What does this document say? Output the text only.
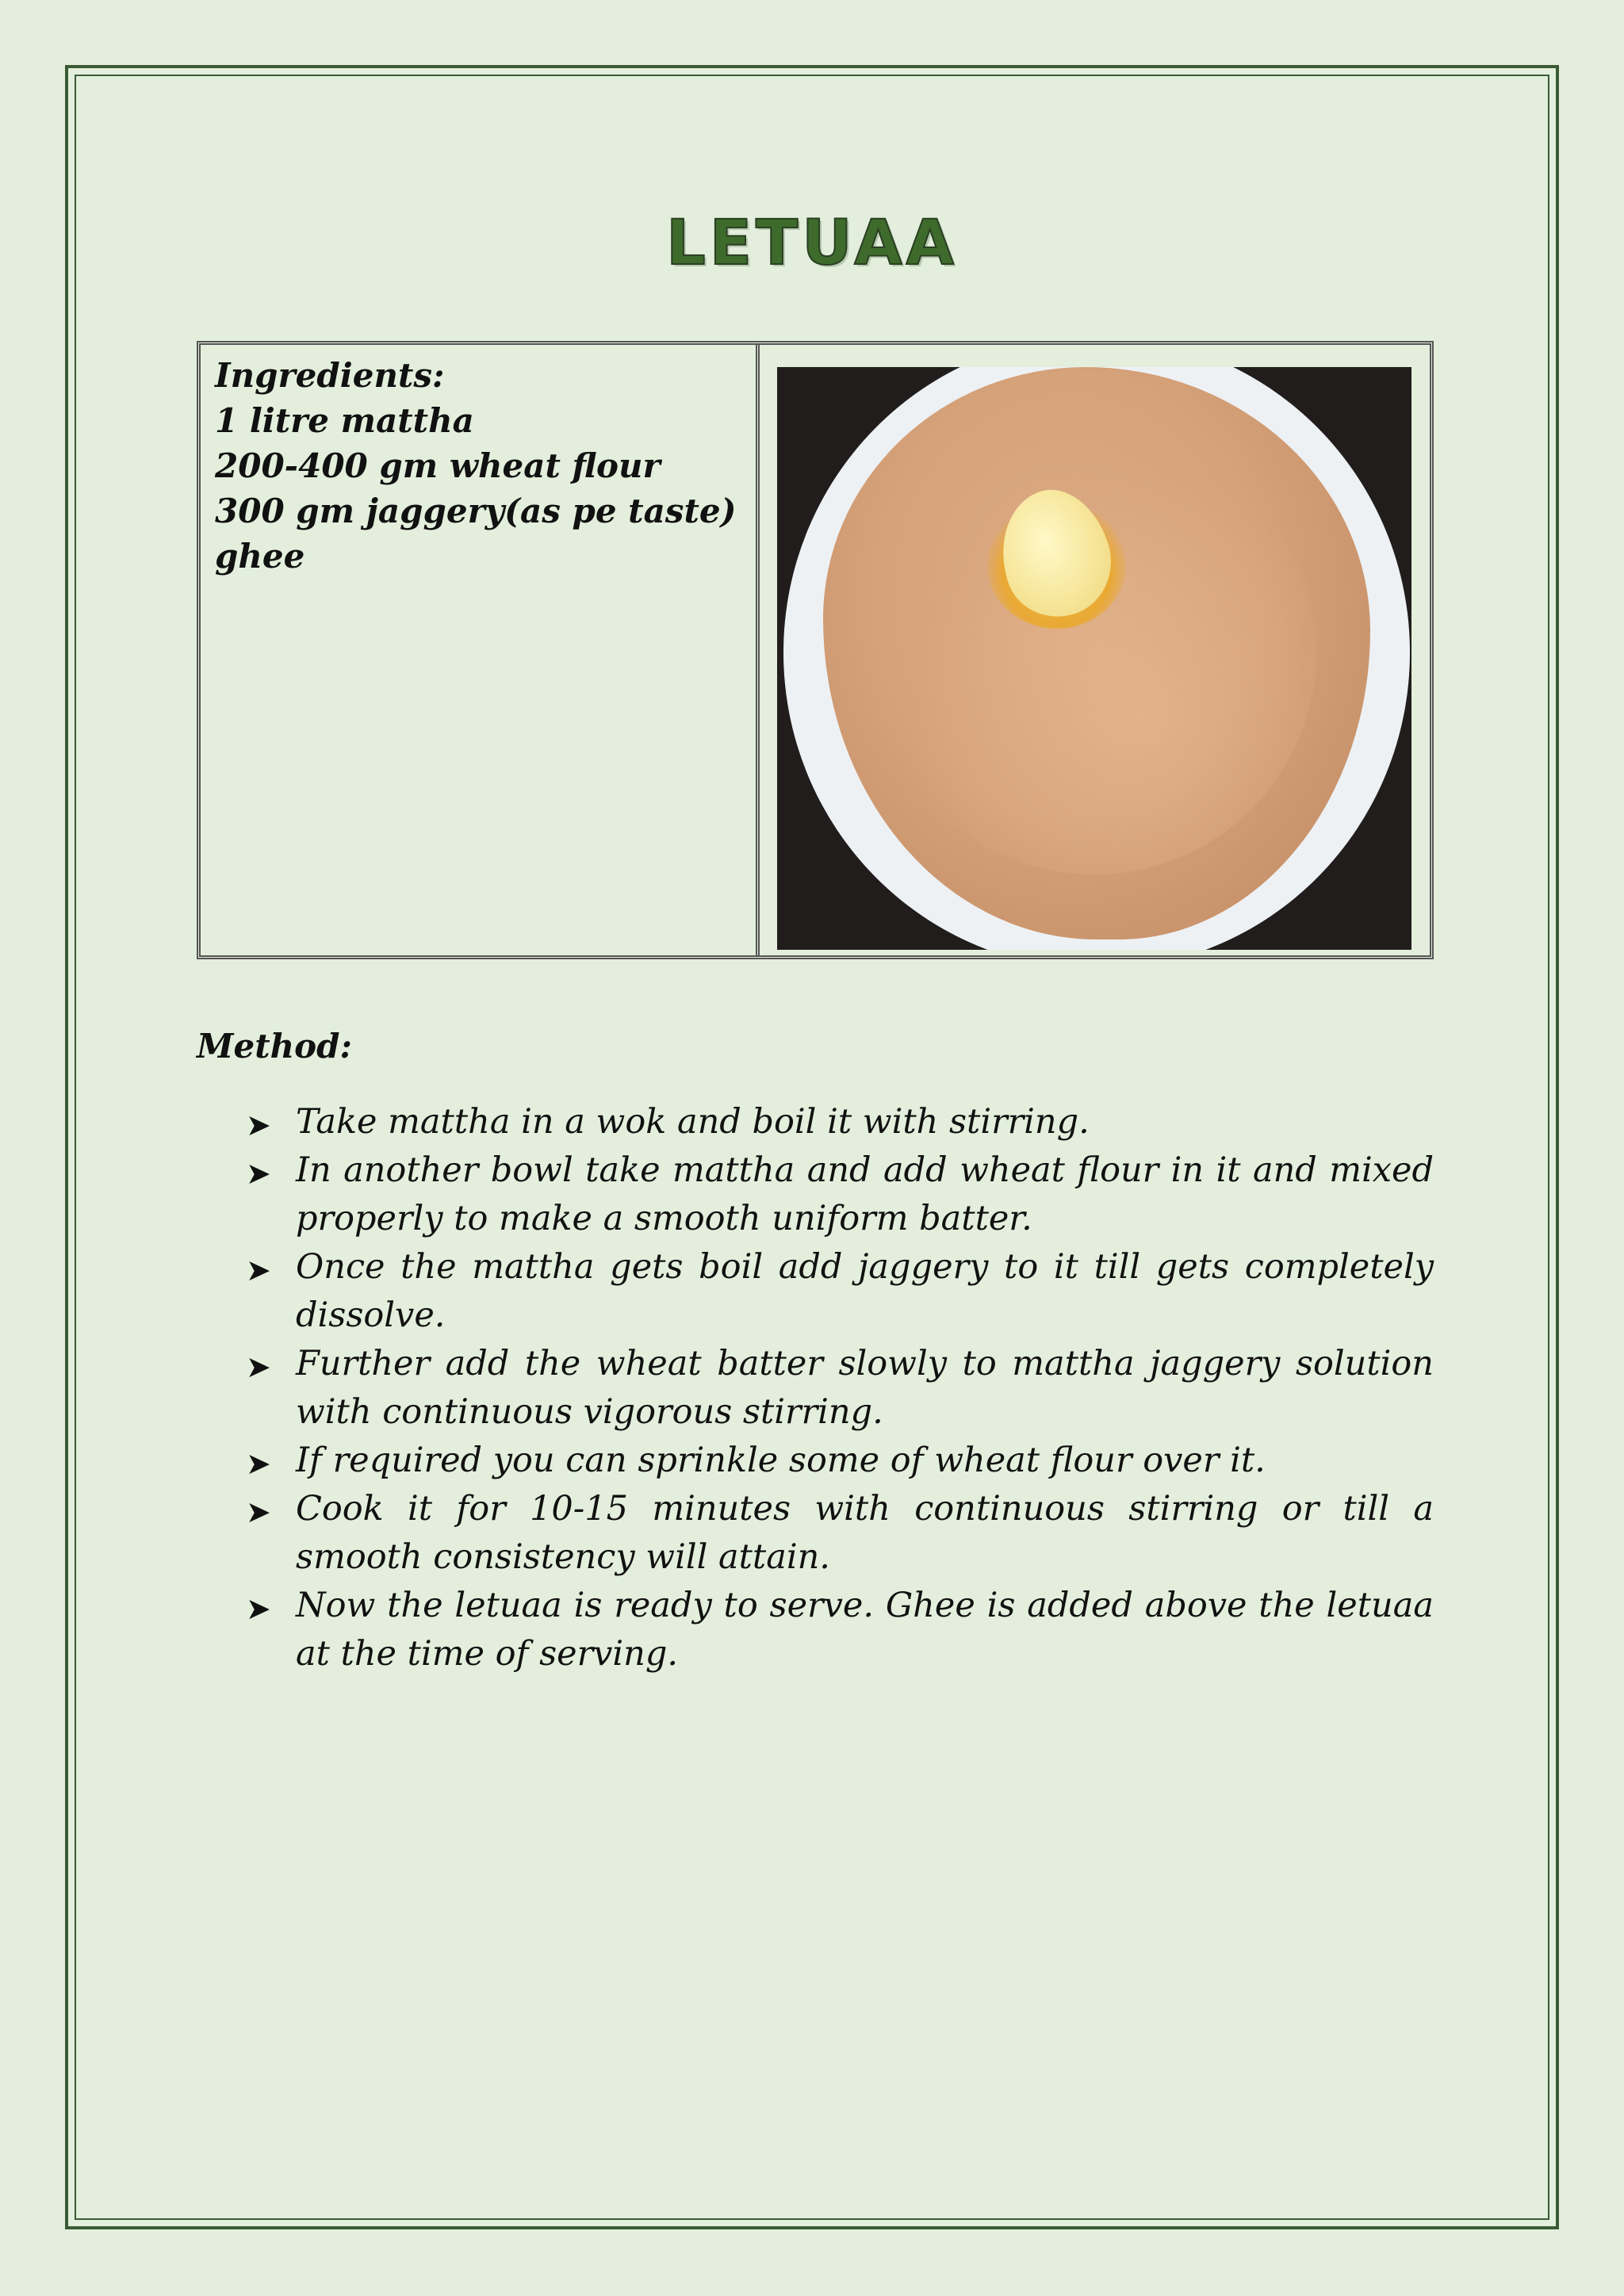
LETUAA
Ingredients:
1 litre mattha
200-400 gm wheat flour
300 gm jaggery(as pe taste)
ghee
Method:
➤ Take mattha in a wok and boil it with stirring.
➤ In another bowl take mattha and add wheat flour in it and mixed properly to make a smooth uniform batter.
➤ Once the mattha gets boil add jaggery to it till gets completely dissolve.
➤ Further add the wheat batter slowly to mattha jaggery solution with continuous vigorous stirring.
➤ If required you can sprinkle some of wheat flour over it.
➤ Cook it for 10-15 minutes with continuous stirring or till a smooth consistency will attain.
➤ Now the letuaa is ready to serve. Ghee is added above the letuaa at the time of serving.
